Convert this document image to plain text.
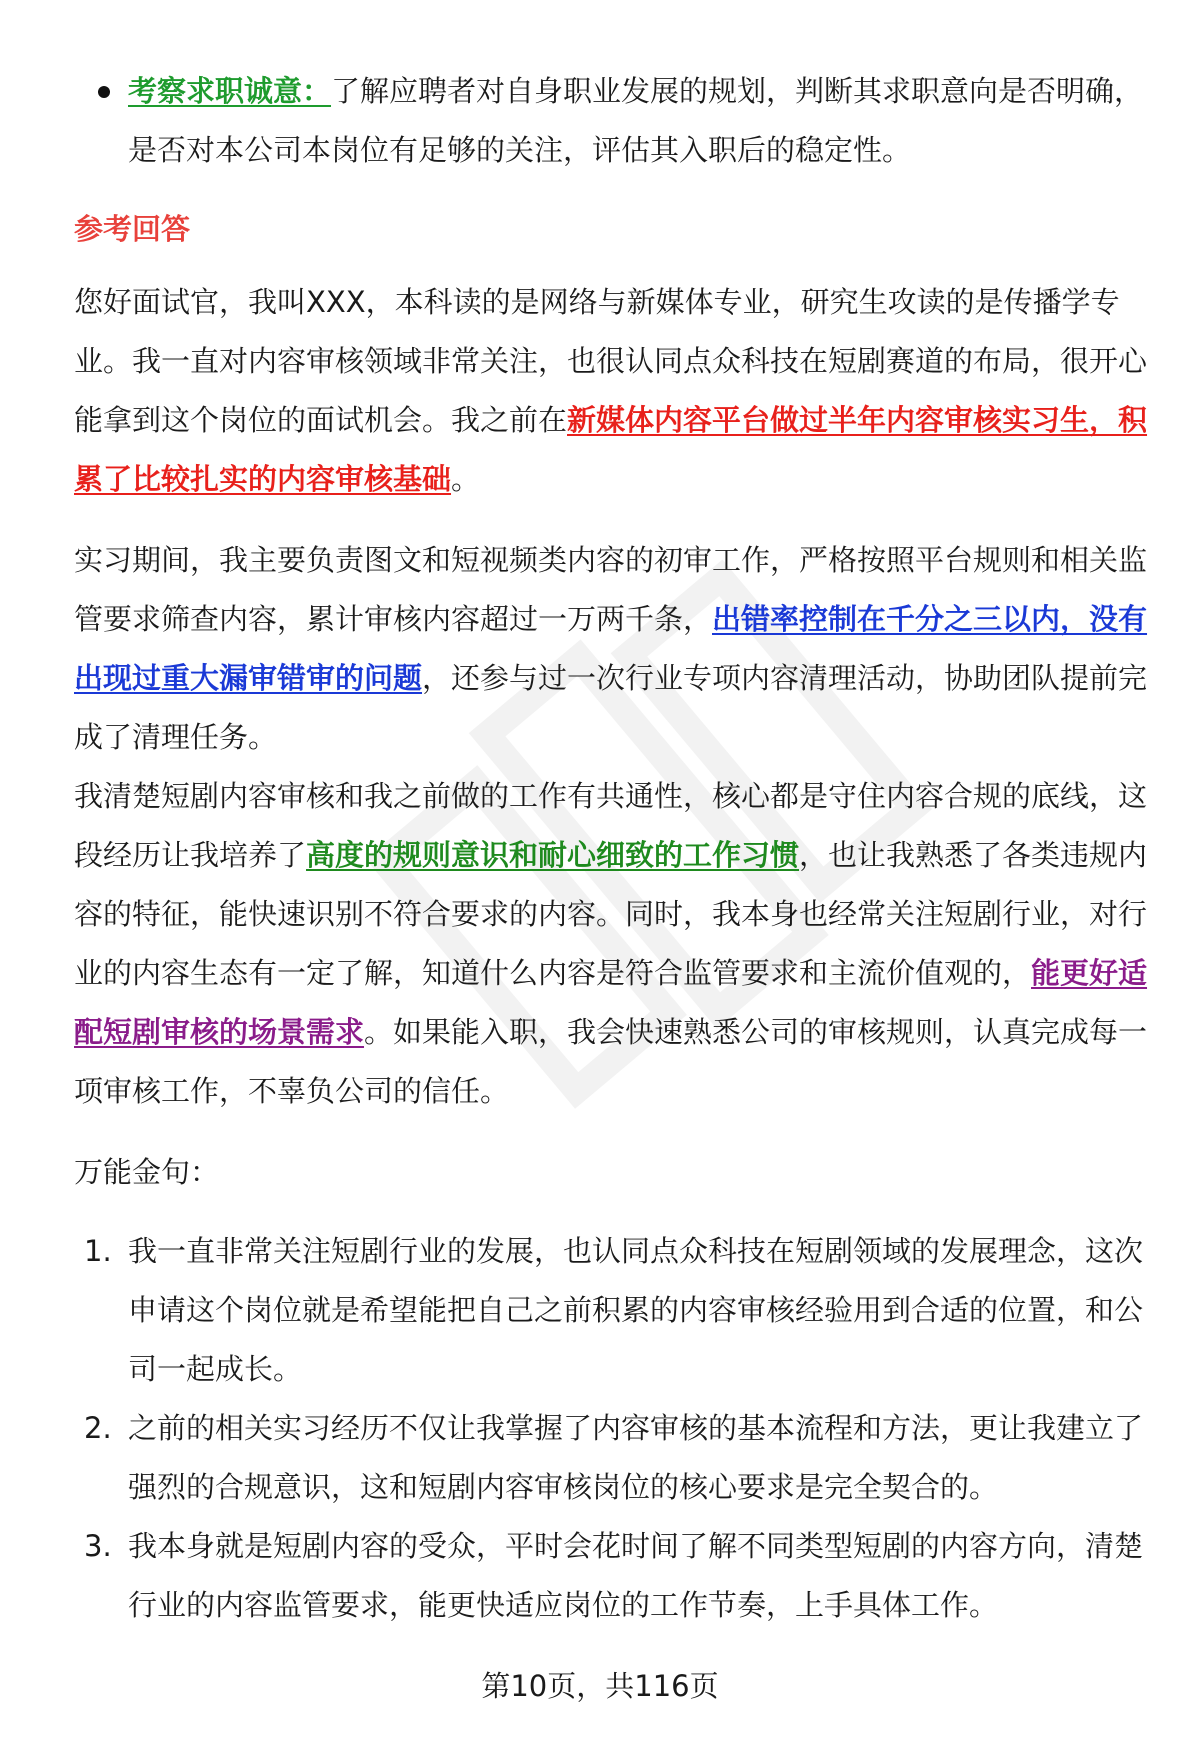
考察求职诚意：了解应聘者对自身职业发展的规划，判断其求职意向是否明确，是否对本公司本岗位有足够的关注，评估其入职后的稳定性。

参考回答

您好面试官，我叫XXX，本科读的是网络与新媒体专业，研究生攻读的是传播学专业。我一直对内容审核领域非常关注，也很认同点众科技在短剧赛道的布局，很开心能拿到这个岗位的面试机会。我之前在新媒体内容平台做过半年内容审核实习生，积累了比较扎实的内容审核基础。

实习期间，我主要负责图文和短视频类内容的初审工作，严格按照平台规则和相关监管要求筛查内容，累计审核内容超过一万两千条，出错率控制在千分之三以内，没有出现过重大漏审错审的问题，还参与过一次行业专项内容清理活动，协助团队提前完成了清理任务。

我清楚短剧内容审核和我之前做的工作有共通性，核心都是守住内容合规的底线，这段经历让我培养了高度的规则意识和耐心细致的工作习惯，也让我熟悉了各类违规内容的特征，能快速识别不符合要求的内容。同时，我本身也经常关注短剧行业，对行业的内容生态有一定了解，知道什么内容是符合监管要求和主流价值观的，能更好适配短剧审核的场景需求。如果能入职，我会快速熟悉公司的审核规则，认真完成每一项审核工作，不辜负公司的信任。

万能金句：

1. 我一直非常关注短剧行业的发展，也认同点众科技在短剧领域的发展理念，这次申请这个岗位就是希望能把自己之前积累的内容审核经验用到合适的位置，和公司一起成长。
2. 之前的相关实习经历不仅让我掌握了内容审核的基本流程和方法，更让我建立了强烈的合规意识，这和短剧内容审核岗位的核心要求是完全契合的。
3. 我本身就是短剧内容的受众，平时会花时间了解不同类型短剧的内容方向，清楚行业的内容监管要求，能更快适应岗位的工作节奏，上手具体工作。
第10页，共116页
